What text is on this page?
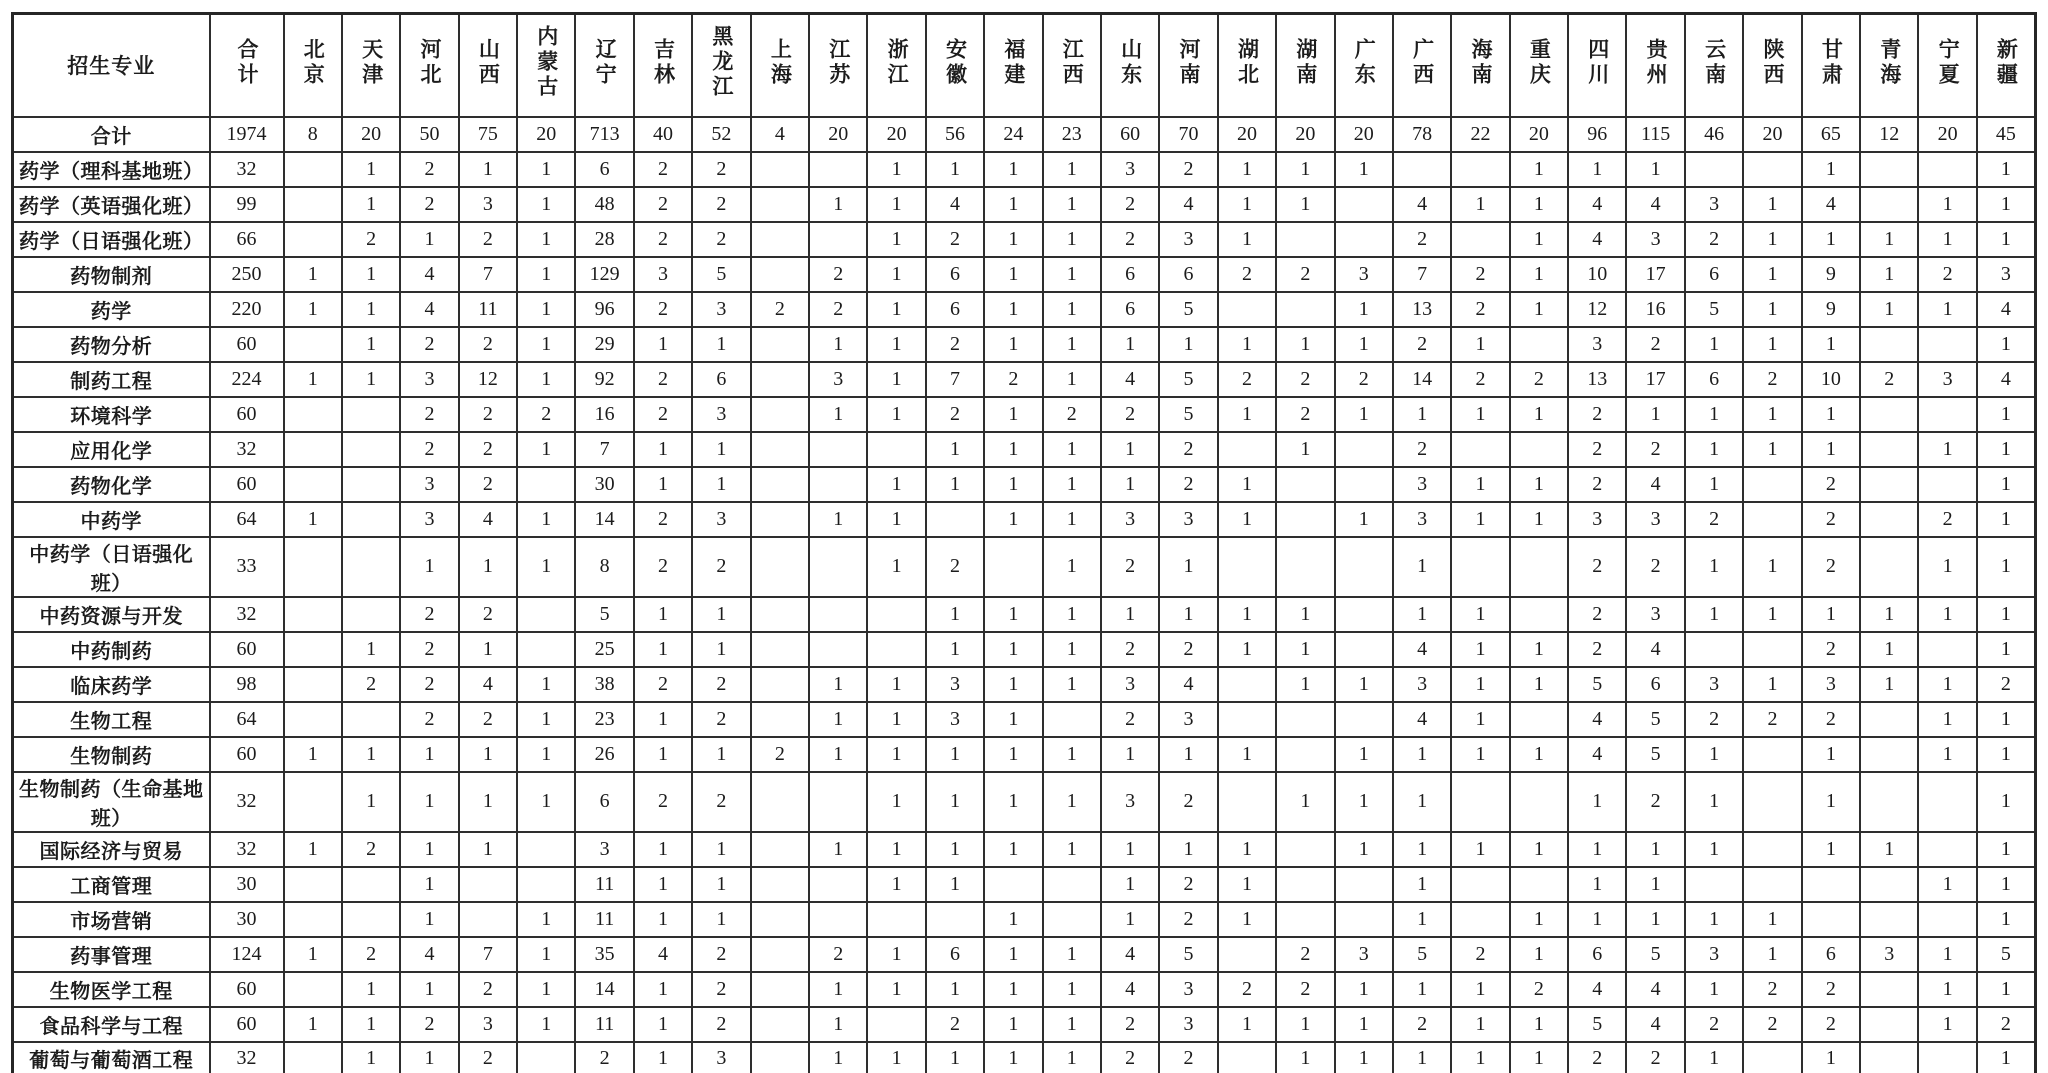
招生专业	合计	北京	天津	河北	山西	内蒙古	辽宁	吉林	黑龙江	上海	江苏	浙江	安徽	福建	江西	山东	河南	湖北	湖南	广东	广西	海南	重庆	四川	贵州	云南	陕西	甘肃	青海	宁夏	新疆
合计	1974	8	20	50	75	20	713	40	52	4	20	20	56	24	23	60	70	20	20	20	78	22	20	96	115	46	20	65	12	20	45
药学（理科基地班）	32		1	2	1	1	6	2	2			1	1	1	1	3	2	1	1	1			1	1	1			1			1
药学（英语强化班）	99		1	2	3	1	48	2	2		1	1	4	1	1	2	4	1	1		4	1	1	4	4	3	1	4		1	1
药学（日语强化班）	66		2	1	2	1	28	2	2			1	2	1	1	2	3	1			2		1	4	3	2	1	1	1	1	1
药物制剂	250	1	1	4	7	1	129	3	5		2	1	6	1	1	6	6	2	2	3	7	2	1	10	17	6	1	9	1	2	3
药学	220	1	1	4	11	1	96	2	3	2	2	1	6	1	1	6	5			1	13	2	1	12	16	5	1	9	1	1	4
药物分析	60		1	2	2	1	29	1	1		1	1	2	1	1	1	1	1	1	1	2	1		3	2	1	1	1			1
制药工程	224	1	1	3	12	1	92	2	6		3	1	7	2	1	4	5	2	2	2	14	2	2	13	17	6	2	10	2	3	4
环境科学	60			2	2	2	16	2	3		1	1	2	1	2	2	5	1	2	1	1	1	1	2	1	1	1	1			1
应用化学	32			2	2	1	7	1	1				1	1	1	1	2		1		2			2	2	1	1	1		1	1
药物化学	60			3	2		30	1	1			1	1	1	1	1	2	1			3	1	1	2	4	1		2			1
中药学	64	1		3	4	1	14	2	3		1	1		1	1	3	3	1		1	3	1	1	3	3	2		2		2	1
中药学（日语强化班）	33			1	1	1	8	2	2			1	2		1	2	1				1			2	2	1	1	2		1	1
中药资源与开发	32			2	2		5	1	1				1	1	1	1	1	1	1		1	1		2	3	1	1	1	1	1	1
中药制药	60		1	2	1		25	1	1				1	1	1	2	2	1	1		4	1	1	2	4			2	1		1
临床药学	98		2	2	4	1	38	2	2		1	1	3	1	1	3	4		1	1	3	1	1	5	6	3	1	3	1	1	2
生物工程	64			2	2	1	23	1	2		1	1	3	1		2	3				4	1		4	5	2	2	2		1	1
生物制药	60	1	1	1	1	1	26	1	1	2	1	1	1	1	1	1	1	1		1	1	1	1	4	5	1		1		1	1
生物制药（生命基地班）	32		1	1	1	1	6	2	2			1	1	1	1	3	2		1	1	1			1	2	1		1			1
国际经济与贸易	32	1	2	1	1		3	1	1		1	1	1	1	1	1	1	1		1	1	1	1	1	1	1		1	1		1
工商管理	30			1			11	1	1			1	1			1	2	1			1			1	1					1	1
市场营销	30			1		1	11	1	1					1		1	2	1			1		1	1	1	1	1				1
药事管理	124	1	2	4	7	1	35	4	2		2	1	6	1	1	4	5		2	3	5	2	1	6	5	3	1	6	3	1	5
生物医学工程	60		1	1	2	1	14	1	2		1	1	1	1	1	4	3	2	2	1	1	1	2	4	4	1	2	2		1	1
食品科学与工程	60	1	1	2	3	1	11	1	2		1		2	1	1	2	3	1	1	1	2	1	1	5	4	2	2	2		1	2
葡萄与葡萄酒工程	32		1	1	2		2	1	3		1	1	1	1	1	2	2		1	1	1	1	1	2	2	1		1			1
